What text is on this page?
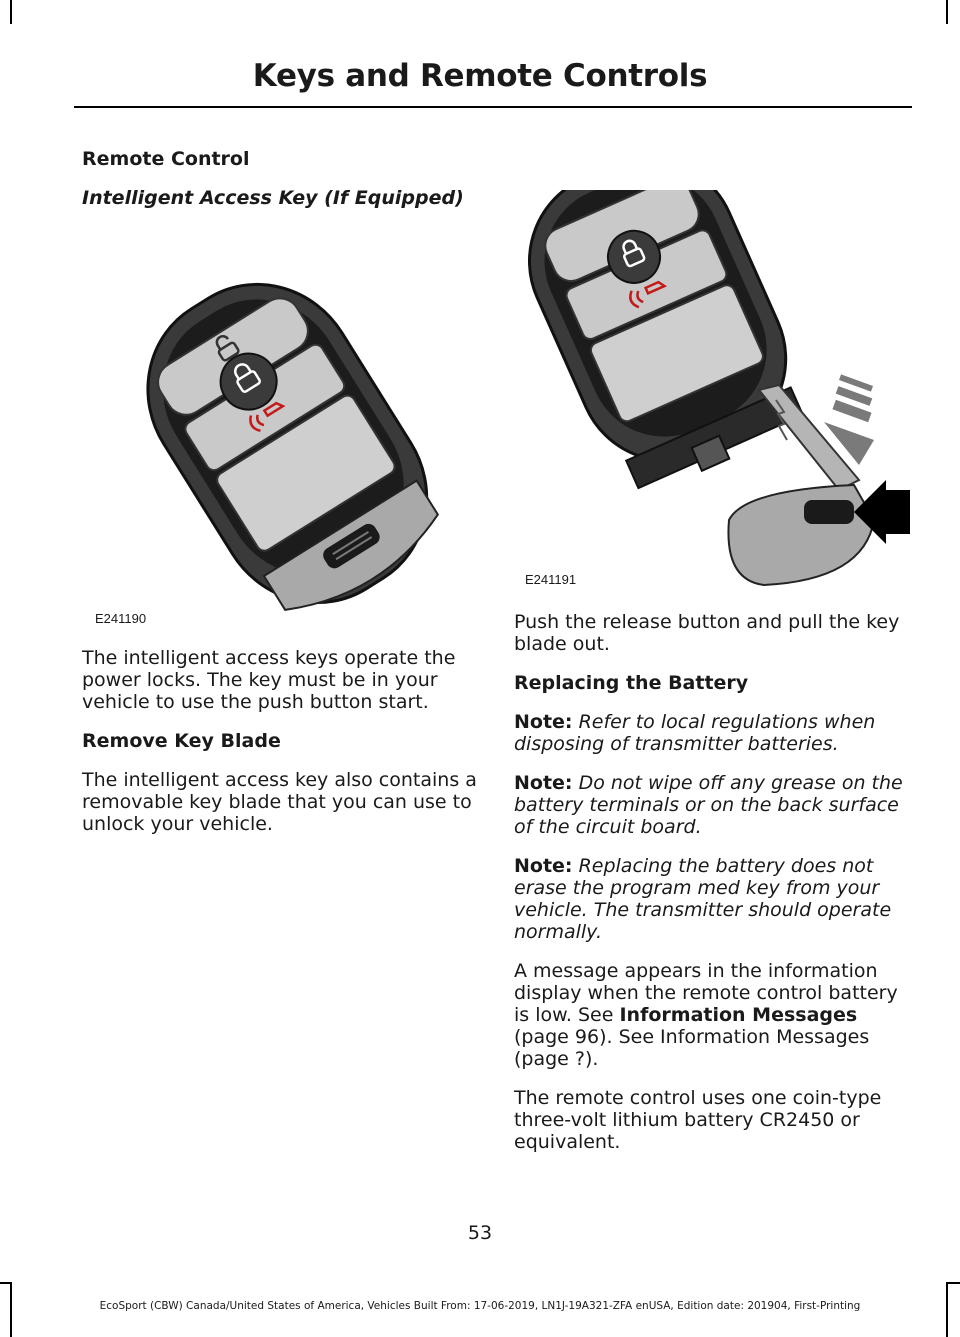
Keys and Remote Controls

Remote Control

Intelligent Access Key (If Equipped)

E241190

The intelligent access keys operate the power locks. The key must be in your vehicle to use the push button start.

Remove Key Blade

The intelligent access key also contains a removable key blade that you can use to unlock your vehicle.

E241191

Push the release button and pull the key blade out.

Replacing the Battery

Note: Refer to local regulations when disposing of transmitter batteries.

Note: Do not wipe off any grease on the battery terminals or on the back surface of the circuit board.

Note: Replacing the battery does not erase the program med key from your vehicle. The transmitter should operate normally.

A message appears in the information display when the remote control battery is low. See Information Messages (page 96). See Information Messages (page ?).

The remote control uses one coin-type three-volt lithium battery CR2450 or equivalent.

53
EcoSport (CBW) Canada/United States of America, Vehicles Built From: 17-06-2019, LN1J-19A321-ZFA enUSA, Edition date: 201904, First-Printing
